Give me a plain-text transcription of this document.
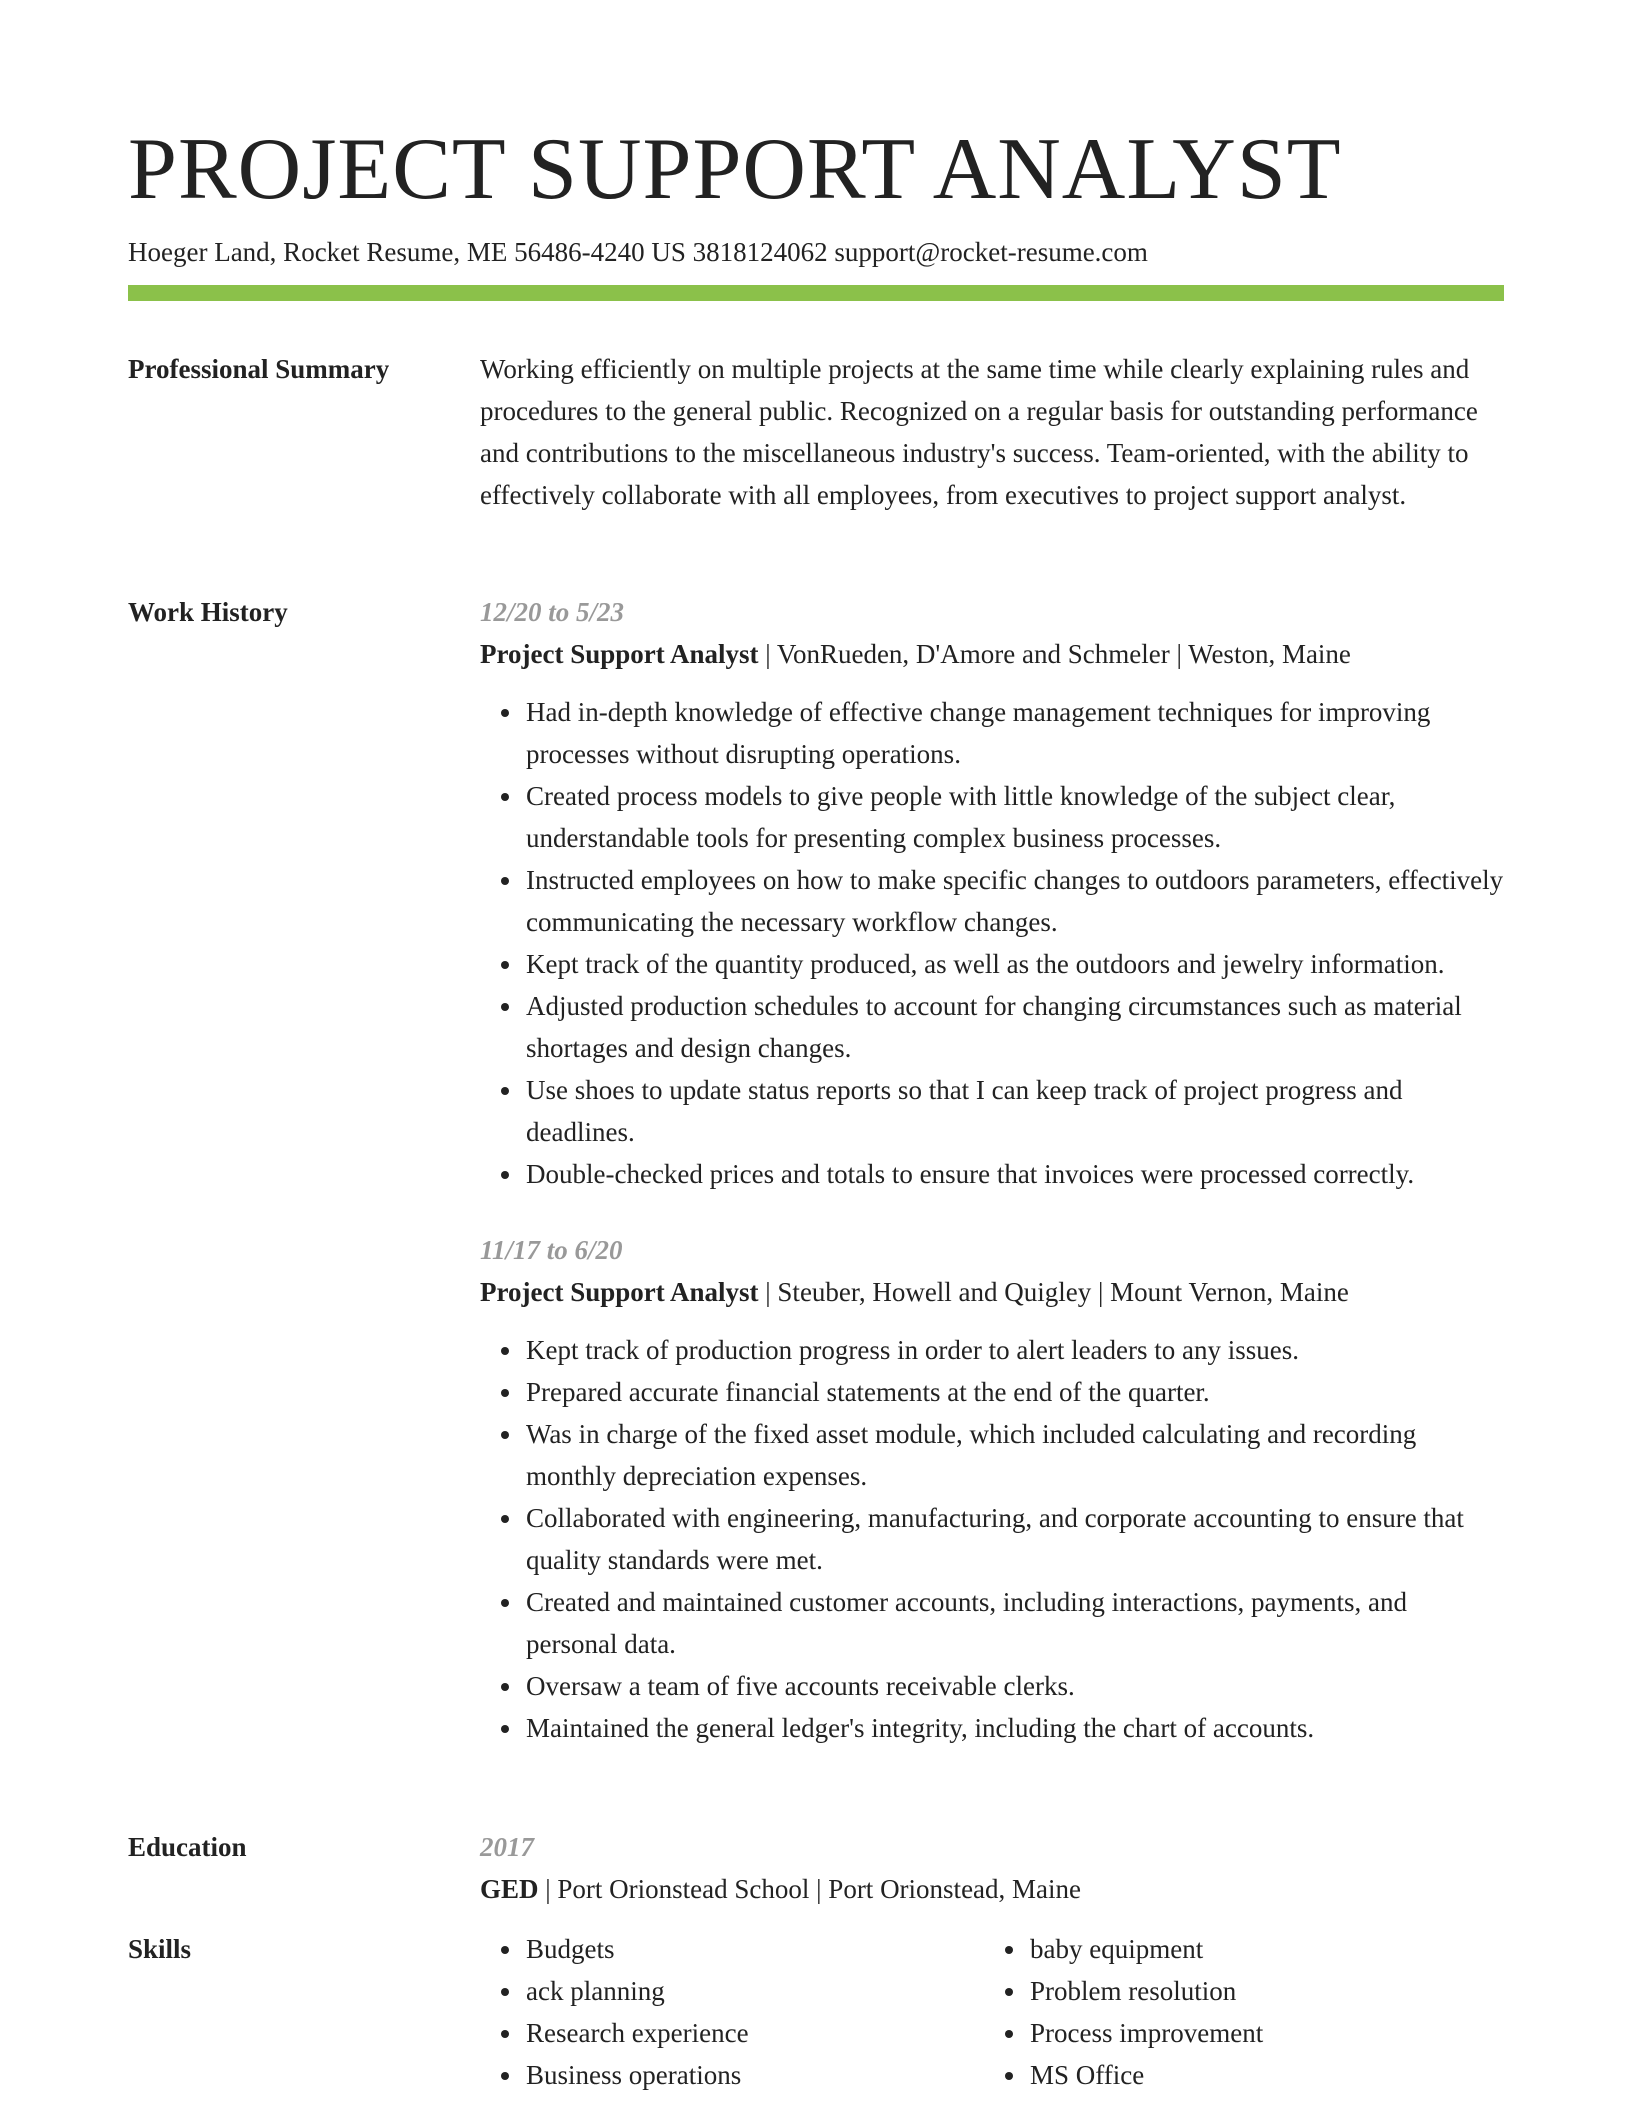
PROJECT SUPPORT ANALYST
Hoeger Land, Rocket Resume, ME 56486-4240 US 3818124062 support@rocket-resume.com
Professional Summary	Working efficiently on multiple projects at the same time while clearly explaining rules and procedures to the general public. Recognized on a regular basis for outstanding performance and contributions to the miscellaneous industry's success. Team-oriented, with the ability to effectively collaborate with all employees, from executives to project support analyst.

Work History	12/20 to 5/23
Project Support Analyst | VonRueden, D'Amore and Schmeler | Weston, Maine
• Had in-depth knowledge of effective change management techniques for improving processes without disrupting operations.
• Created process models to give people with little knowledge of the subject clear, understandable tools for presenting complex business processes.
• Instructed employees on how to make specific changes to outdoors parameters, effectively communicating the necessary workflow changes.
• Kept track of the quantity produced, as well as the outdoors and jewelry information.
• Adjusted production schedules to account for changing circumstances such as material shortages and design changes.
• Use shoes to update status reports so that I can keep track of project progress and deadlines.
• Double-checked prices and totals to ensure that invoices were processed correctly.
11/17 to 6/20
Project Support Analyst | Steuber, Howell and Quigley | Mount Vernon, Maine
• Kept track of production progress in order to alert leaders to any issues.
• Prepared accurate financial statements at the end of the quarter.
• Was in charge of the fixed asset module, which included calculating and recording monthly depreciation expenses.
• Collaborated with engineering, manufacturing, and corporate accounting to ensure that quality standards were met.
• Created and maintained customer accounts, including interactions, payments, and personal data.
• Oversaw a team of five accounts receivable clerks.
• Maintained the general ledger's integrity, including the chart of accounts.
Education	2017
GED | Port Orionstead School | Port Orionstead, Maine
Skills
•	Budgets
• ack planning
• Research experience
• Business operations
• baby equipment
• Problem resolution
• Process improvement
• MS Office
